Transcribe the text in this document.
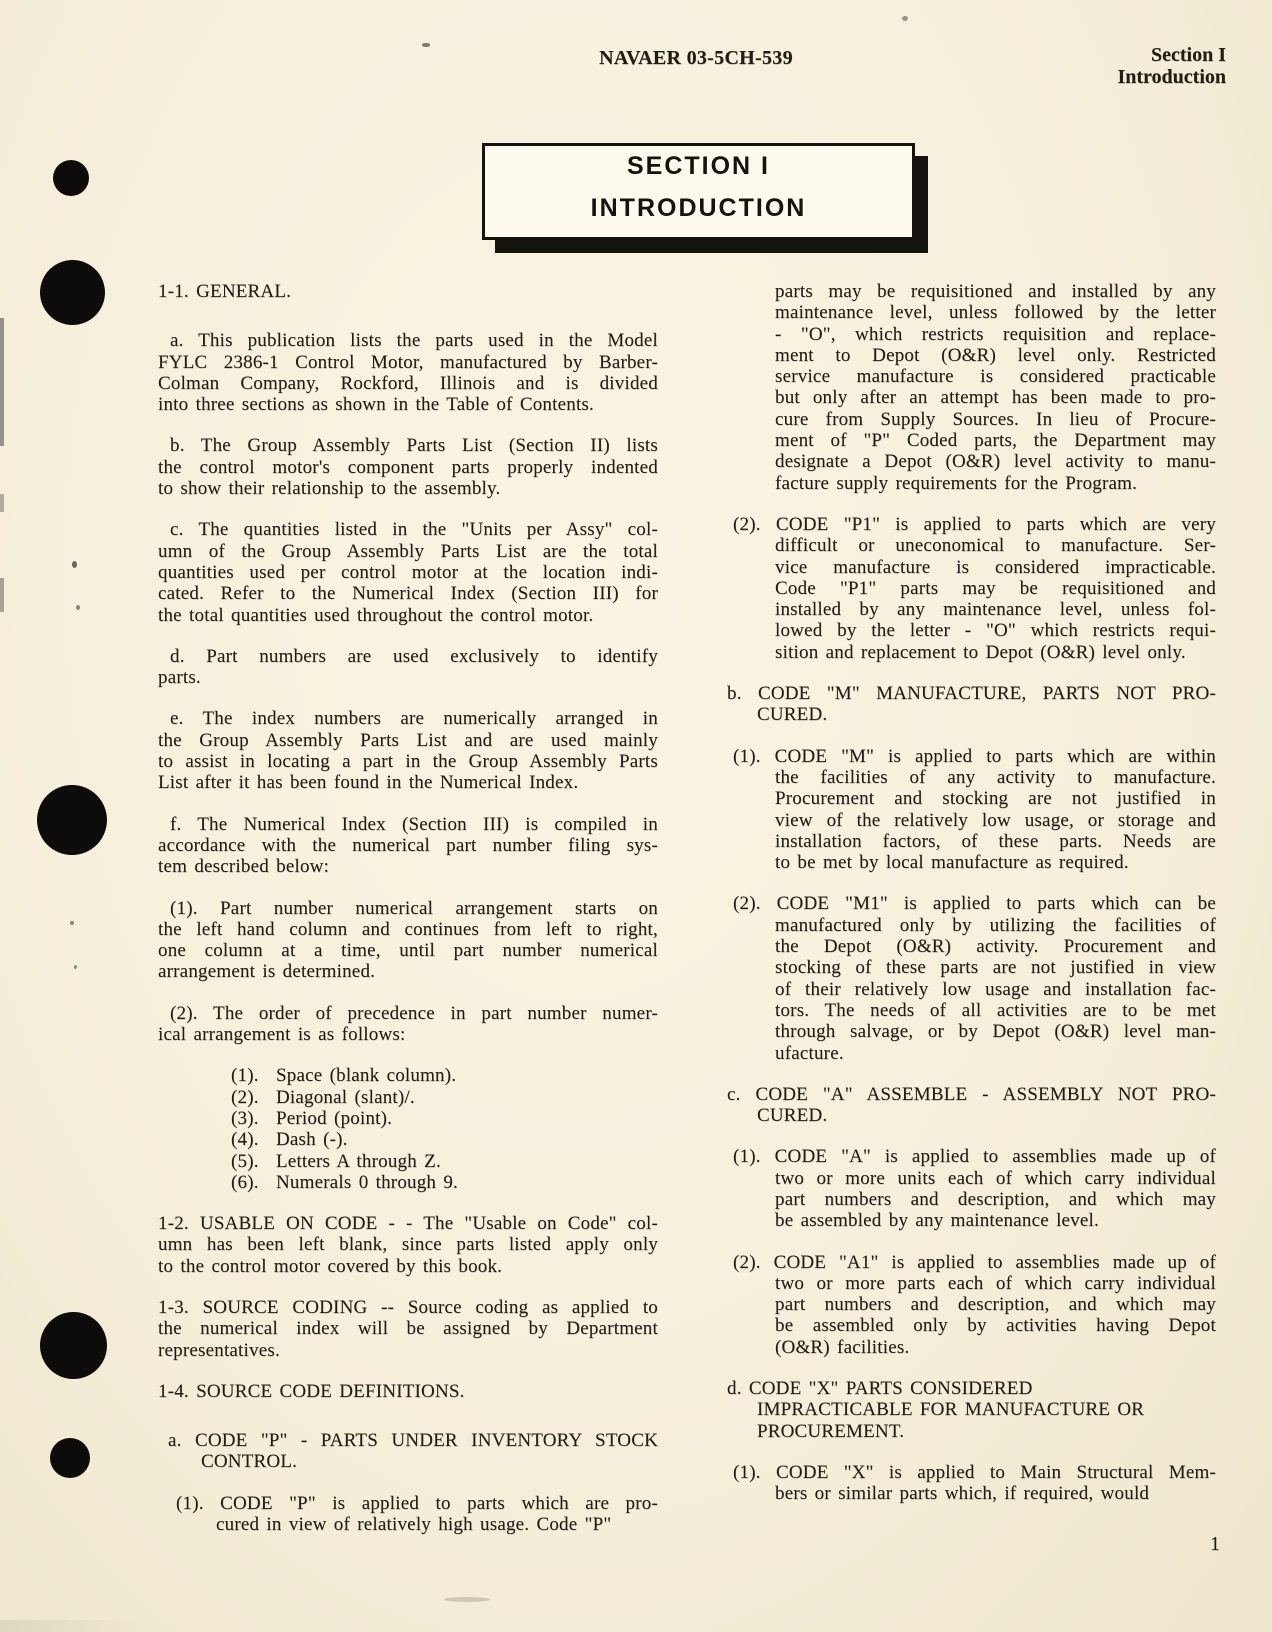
NAVAER 03-5CH-539	Section I
Introduction
SECTION I
INTRODUCTION
1-1. GENERAL.
a. This publication lists the parts used in the Model
FYLC 2386-1 Control Motor, manufactured by Barber-
Colman Company, Rockford, Illinois and is divided
into three sections as shown in the Table of Contents.
b. The Group Assembly Parts List (Section II) lists
the control motor's component parts properly indented
to show their relationship to the assembly.
c. The quantities listed in the "Units per Assy" col-
umn of the Group Assembly Parts List are the total
quantities used per control motor at the location indi-
cated. Refer to the Numerical Index (Section III) for
the total quantities used throughout the control motor.
d. Part numbers are used exclusively to identify
parts.
e. The index numbers are numerically arranged in
the Group Assembly Parts List and are used mainly
to assist in locating a part in the Group Assembly Parts
List after it has been found in the Numerical Index.
f. The Numerical Index (Section III) is compiled in
accordance with the numerical part number filing sys-
tem described below:
(1). Part number numerical arrangement starts on
the left hand column and continues from left to right,
one column at a time, until part number numerical
arrangement is determined.
(2). The order of precedence in part number numer-
ical arrangement is as follows:
(1). Space (blank column).
(2). Diagonal (slant)/.
(3). Period (point).
(4). Dash (-).
(5). Letters A through Z.
(6). Numerals 0 through 9.
1-2. USABLE ON CODE - - The "Usable on Code" col-
umn has been left blank, since parts listed apply only
to the control motor covered by this book.
1-3. SOURCE CODING -- Source coding as applied to
the numerical index will be assigned by Department
representatives.
1-4. SOURCE CODE DEFINITIONS.
a. CODE "P" - PARTS UNDER INVENTORY STOCK
CONTROL.
(1). CODE "P" is applied to parts which are pro-
cured in view of relatively high usage. Code "P"
parts may be requisitioned and installed by any
maintenance level, unless followed by the letter
- "O", which restricts requisition and replace-
ment to Depot (O&R) level only. Restricted
service manufacture is considered practicable
but only after an attempt has been made to pro-
cure from Supply Sources. In lieu of Procure-
ment of "P" Coded parts, the Department may
designate a Depot (O&R) level activity to manu-
facture supply requirements for the Program.
(2). CODE "P1" is applied to parts which are very
difficult or uneconomical to manufacture. Ser-
vice manufacture is considered impracticable.
Code "P1" parts may be requisitioned and
installed by any maintenance level, unless fol-
lowed by the letter - "O" which restricts requi-
sition and replacement to Depot (O&R) level only.
b. CODE "M" MANUFACTURE, PARTS NOT PRO-
CURED.
(1). CODE "M" is applied to parts which are within
the facilities of any activity to manufacture.
Procurement and stocking are not justified in
view of the relatively low usage, or storage and
installation factors, of these parts. Needs are
to be met by local manufacture as required.
(2). CODE "M1" is applied to parts which can be
manufactured only by utilizing the facilities of
the Depot (O&R) activity. Procurement and
stocking of these parts are not justified in view
of their relatively low usage and installation fac-
tors. The needs of all activities are to be met
through salvage, or by Depot (O&R) level man-
ufacture.
c. CODE "A" ASSEMBLE - ASSEMBLY NOT PRO-
CURED.
(1). CODE "A" is applied to assemblies made up of
two or more units each of which carry individual
part numbers and description, and which may
be assembled by any maintenance level.
(2). CODE "A1" is applied to assemblies made up of
two or more parts each of which carry individual
part numbers and description, and which may
be assembled only by activities having Depot
(O&R) facilities.
d. CODE "X" PARTS CONSIDERED
IMPRACTICABLE FOR MANUFACTURE OR
PROCUREMENT.
(1). CODE "X" is applied to Main Structural Mem-
bers or similar parts which, if required, would
1
